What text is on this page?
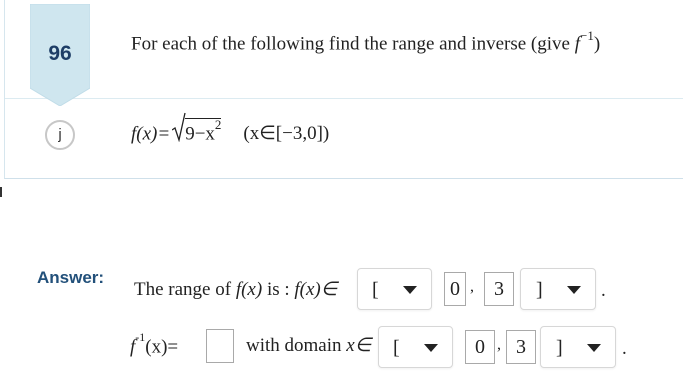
96	For each of the following find the range and inverse (give $f^{-1}$)
j	$f(x)= 9-x^2$ (x∈[−3,0])
Answer:
The range of f(x) is : f(x)∈ [	0 ,	3	]	.
$f^{-1}(x)=$	with domain x∈ [	0 , 3	]	.
